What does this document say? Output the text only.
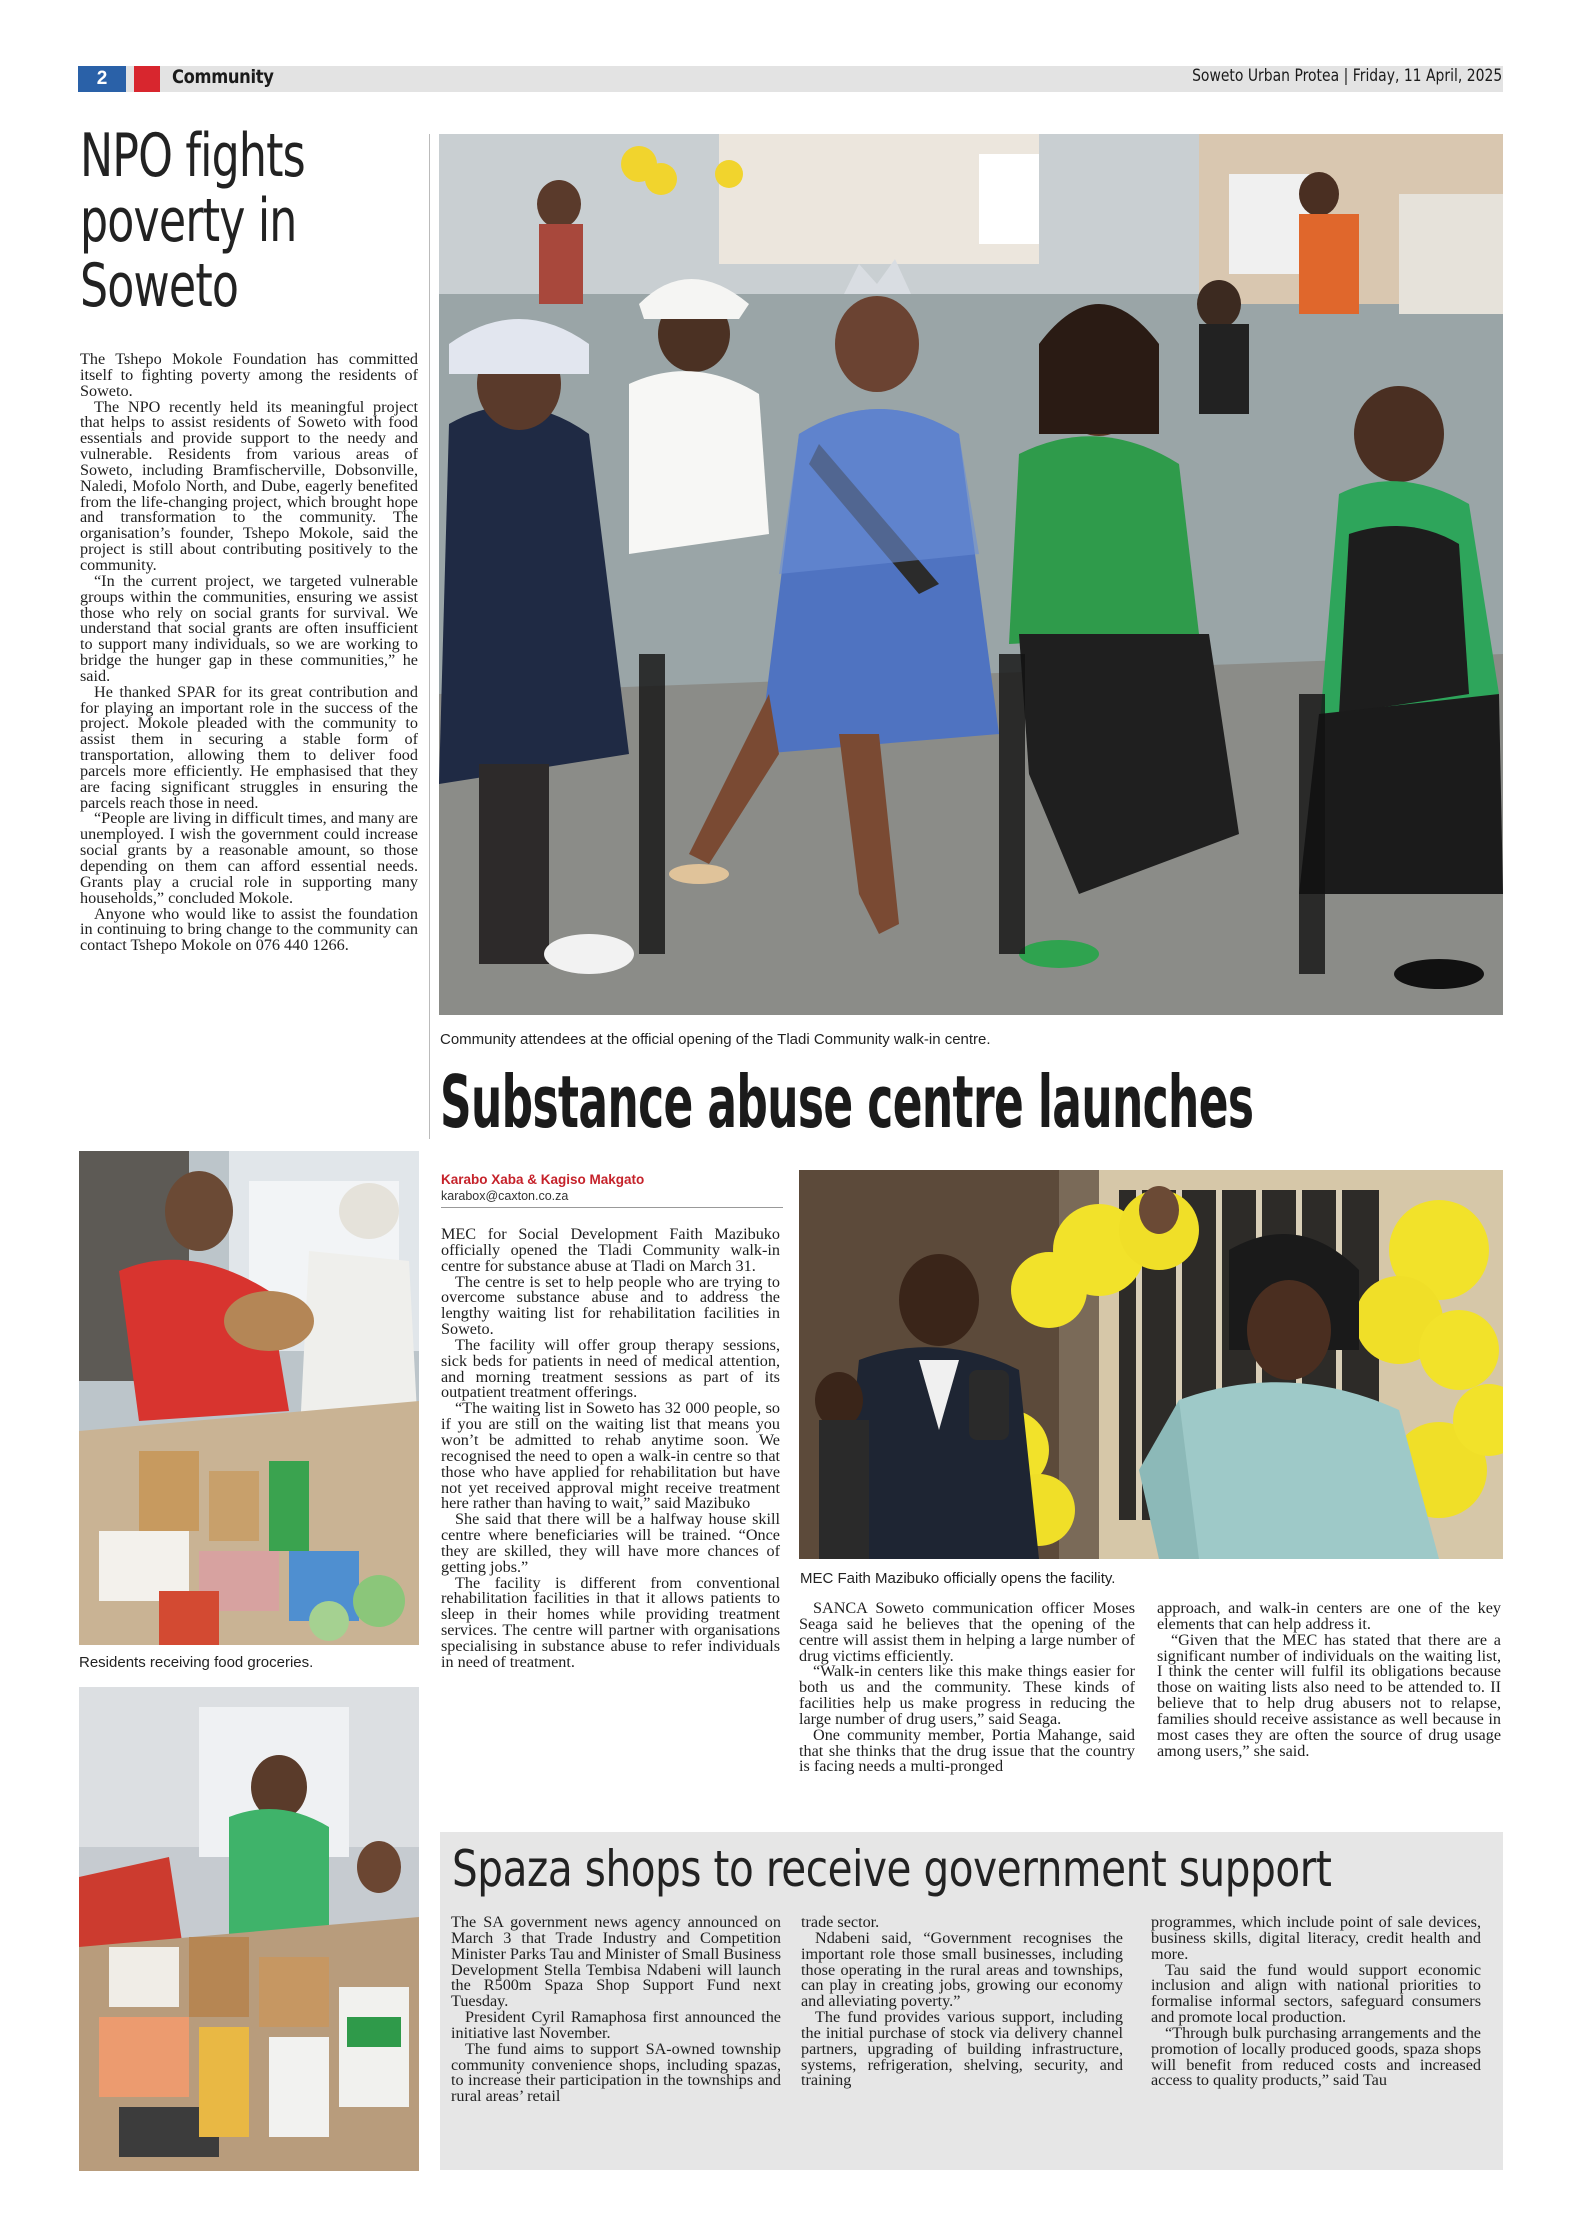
2	Community	Soweto Urban Protea | Friday, 11 April, 2025
NPO fights poverty in Soweto

The Tshepo Mokole Foundation has committed itself to fighting poverty among the residents of Soweto.

The NPO recently held its meaningful project that helps to assist residents of Soweto with food essentials and provide support to the needy and vulnerable. Residents from various areas of Soweto, including Bramfischerville, Dobsonville, Naledi, Mofolo North, and Dube, eagerly benefited from the life-changing project, which brought hope and transformation to the community. The organisation’s founder, Tshepo Mokole, said the project is still about contributing positively to the community.

“In the current project, we targeted vulnerable groups within the communities, ensuring we assist those who rely on social grants for survival. We understand that social grants are often insufficient to support many individuals, so we are working to bridge the hunger gap in these communities,” he said.

He thanked SPAR for its great contribution and for playing an important role in the success of the project. Mokole pleaded with the community to assist them in securing a stable form of transportation, allowing them to deliver food parcels more efficiently. He emphasised that they are facing significant struggles in ensuring the parcels reach those in need.

“People are living in difficult times, and many are unemployed. I wish the government could increase social grants by a reasonable amount, so those depending on them can afford essential needs. Grants play a crucial role in supporting many households,” concluded Mokole.

Anyone who would like to assist the foundation in continuing to bring change to the community can contact Tshepo Mokole on 076 440 1266.

Residents receiving food groceries.
Community attendees at the official opening of the Tladi Community walk-in centre.
Substance abuse centre launches
Karabo Xaba & Kagiso Makgato
karabox@caxton.co.za

MEC for Social Development Faith Mazibuko officially opened the Tladi Community walk-in centre for substance abuse at Tladi on March 31.

The centre is set to help people who are trying to overcome substance abuse and to address the lengthy waiting list for rehabilitation facilities in Soweto.

The facility will offer group therapy sessions, sick beds for patients in need of medical attention, and morning treatment sessions as part of its outpatient treatment offerings.

“The waiting list in Soweto has 32 000 people, so if you are still on the waiting list that means you won’t be admitted to rehab anytime soon. We recognised the need to open a walk-in centre so that those who have applied for rehabilitation but have not yet received approval might receive treatment here rather than having to wait,” said Mazibuko

She said that there will be a halfway house skill centre where beneficiaries will be trained. “Once they are skilled, they will have more chances of getting jobs.”

The facility is different from conventional rehabilitation facilities in that it allows patients to sleep in their homes while providing treatment services. The centre will partner with organisations specialising in substance abuse to refer individuals in need of treatment.

MEC Faith Mazibuko officially opens the facility.

SANCA Soweto communication officer Moses Seaga said he believes that the opening of the centre will assist them in helping a large number of drug victims efficiently.

“Walk-in centers like this make things easier for both us and the community. These kinds of facilities help us make progress in reducing the large number of drug users,” said Seaga.

One community member, Portia Mahange, said that she thinks that the drug issue that the country is facing needs a multi-pronged

approach, and walk-in centers are one of the key elements that can help address it.

“Given that the MEC has stated that there are a significant number of individuals on the waiting list, I think the center will fulfil its obligations because those on waiting lists also need to be attended to. II believe that to help drug abusers not to relapse, families should receive assistance as well because in most cases they are often the source of drug usage among users,” she said.

Spaza shops to receive government support

The SA government news agency announced on March 3 that Trade Industry and Competition Minister Parks Tau and Minister of Small Business Development Stella Tembisa Ndabeni will launch the R500m Spaza Shop Support Fund next Tuesday.

President Cyril Ramaphosa first announced the initiative last November.

The fund aims to support SA-owned township community convenience shops, including spazas, to increase their participation in the townships and rural areas’ retail

trade sector.

Ndabeni said, “Government recognises the important role those small businesses, including those operating in the rural areas and townships, can play in creating jobs, growing our economy and alleviating poverty.”

The fund provides various support, including the initial purchase of stock via delivery channel partners, upgrading of building infrastructure, systems, refrigeration, shelving, security, and training

programmes, which include point of sale devices, business skills, digital literacy, credit health and more.

Tau said the fund would support economic inclusion and align with national priorities to formalise informal sectors, safeguard consumers and promote local production.

“Through bulk purchasing arrangements and the promotion of locally produced goods, spaza shops will benefit from reduced costs and increased access to quality products,” said Tau
